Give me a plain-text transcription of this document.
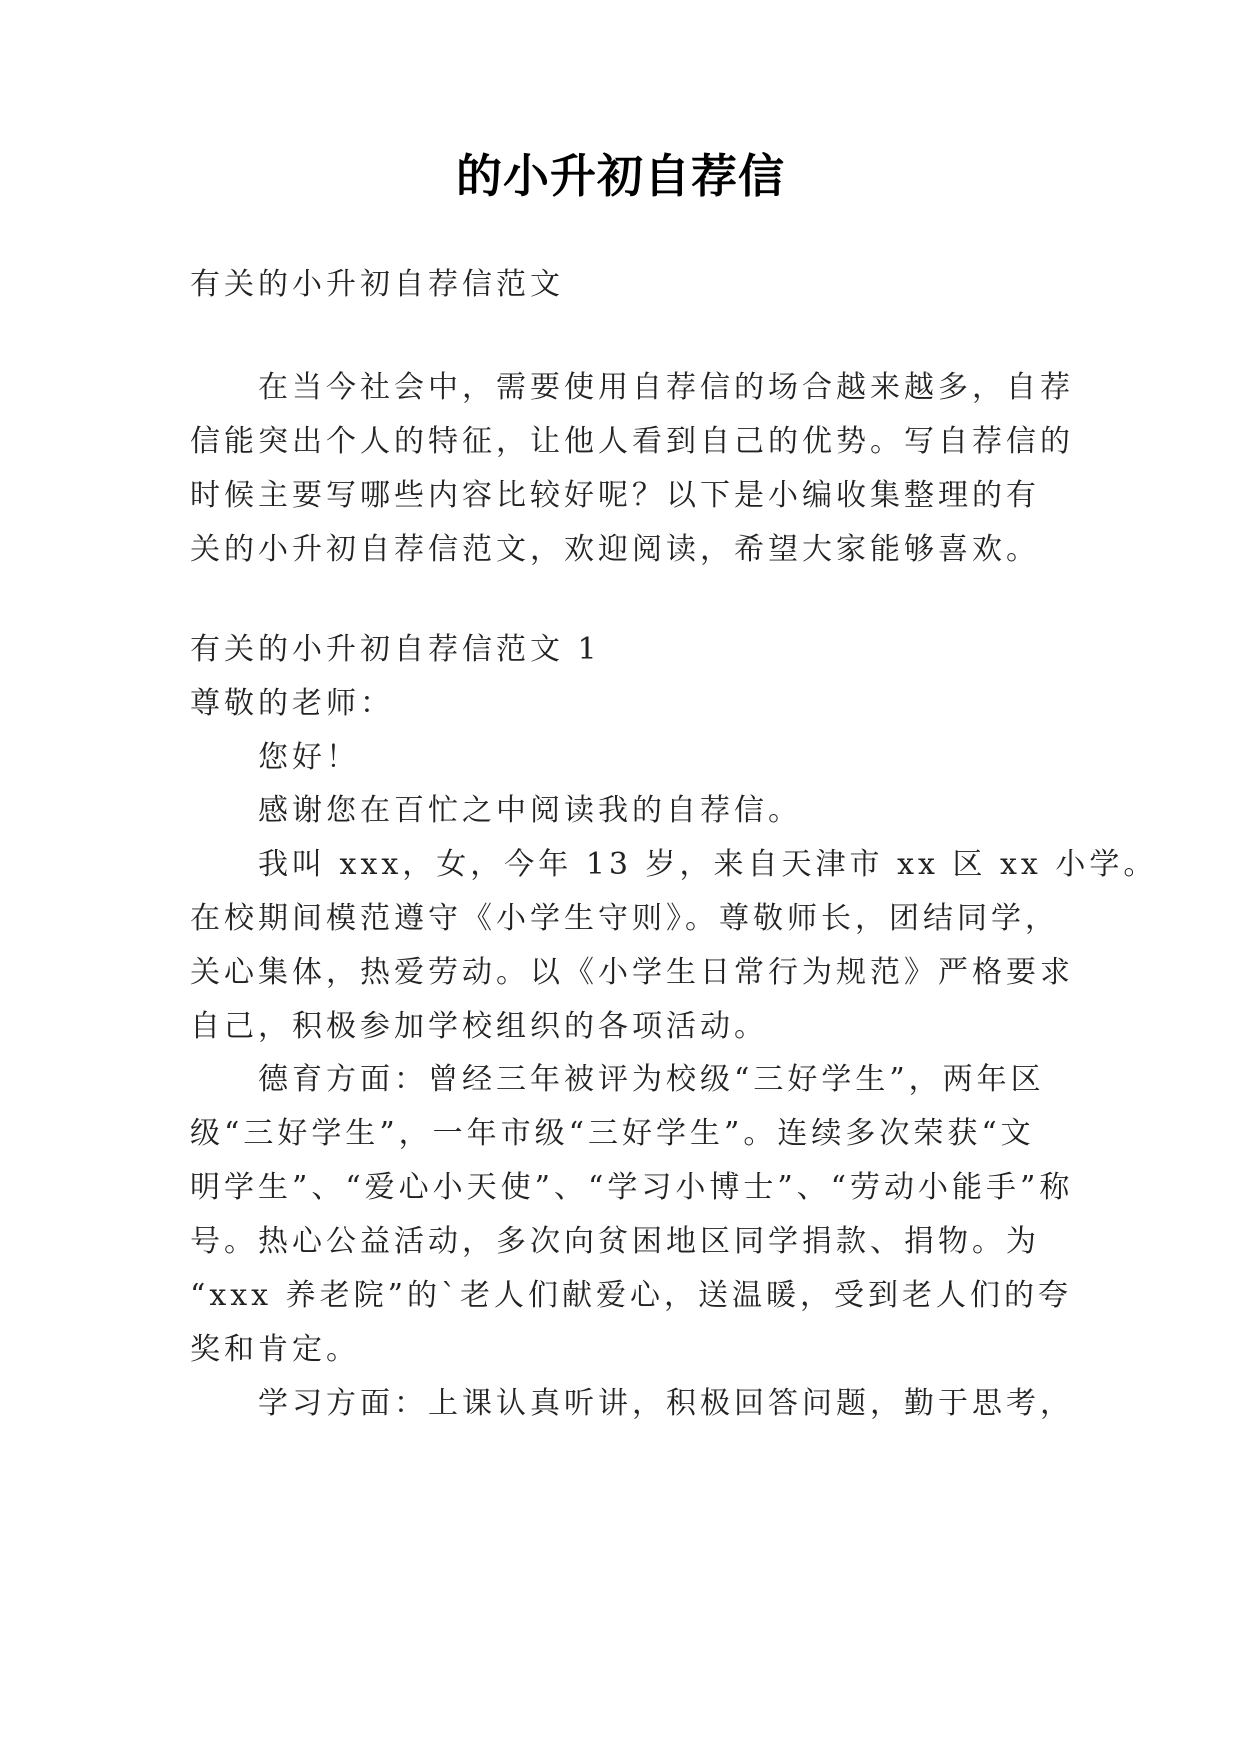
的小升初自荐信
有关的小升初自荐信范文
在当今社会中，需要使用自荐信的场合越来越多，自荐
信能突出个人的特征，让他人看到自己的优势。写自荐信的
时候主要写哪些内容比较好呢？以下是小编收集整理的有
关的小升初自荐信范文，欢迎阅读，希望大家能够喜欢。
有关的小升初自荐信范文 1
尊敬的老师：
您好！
感谢您在百忙之中阅读我的自荐信。
我叫 xxx，女，今年 13 岁，来自天津市 xx 区 xx 小学。
在校期间模范遵守《小学生守则》。尊敬师长，团结同学，
关心集体，热爱劳动。以《小学生日常行为规范》严格要求
自己，积极参加学校组织的各项活动。
德育方面：曾经三年被评为校级“三好学生”，两年区
级“三好学生”，一年市级“三好学生”。连续多次荣获“文
明学生”、“爱心小天使”、“学习小博士”、“劳动小能手”称
号。热心公益活动，多次向贫困地区同学捐款、捐物。为
“xxx 养老院”的`老人们献爱心，送温暖，受到老人们的夸
奖和肯定。
学习方面：上课认真听讲，积极回答问题，勤于思考，
